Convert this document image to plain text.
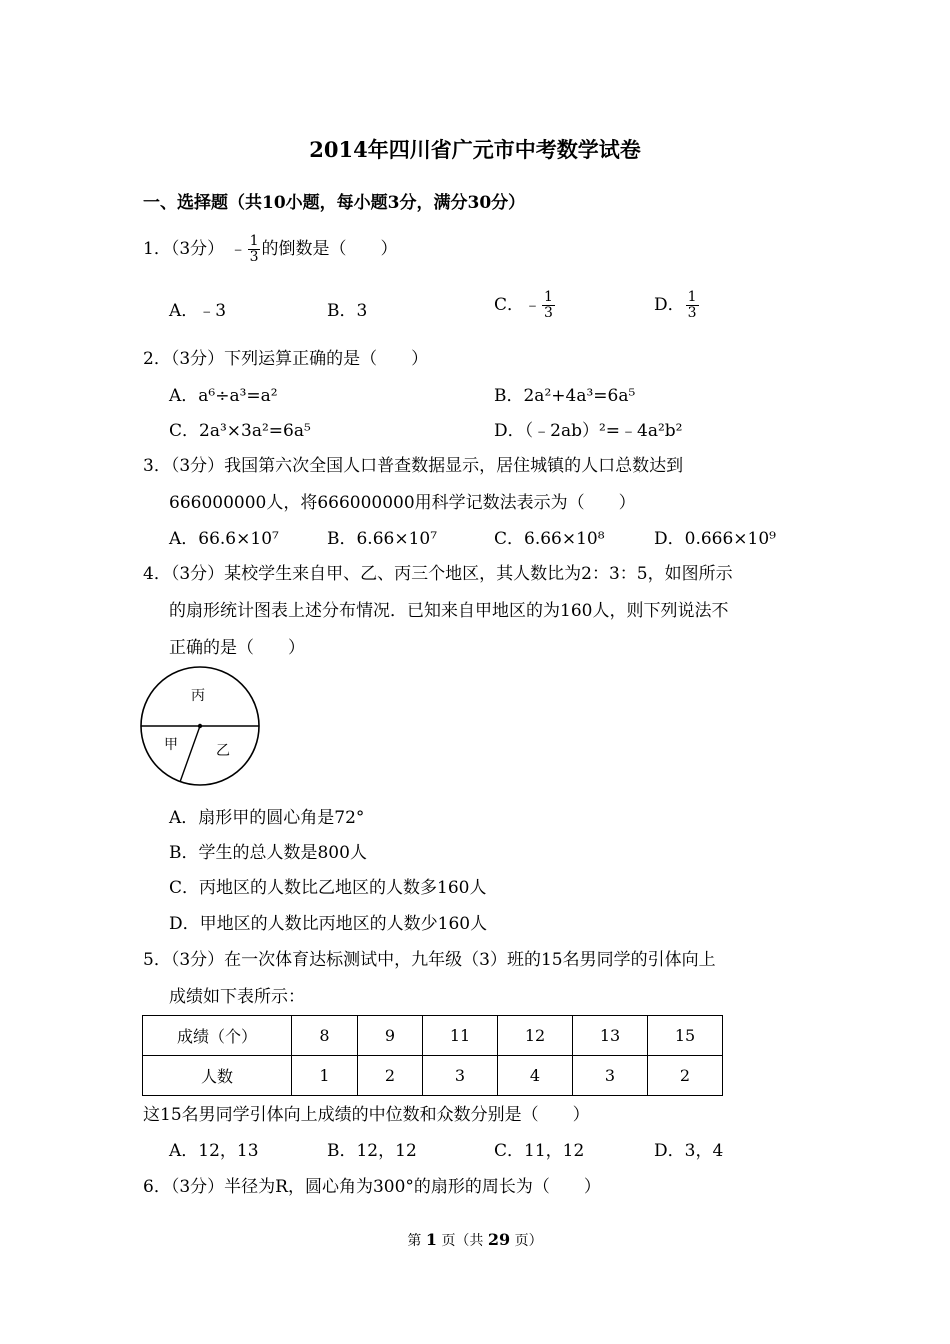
2014年四川省广元市中考数学试卷
一、选择题（共10小题，每小题3分，满分30分）
1．（3分） ﹣ $\frac{1}{3}$ 的倒数是（　　）
A．﹣3	B．3	C．﹣ $\frac{1}{3}$	D． $\frac{1}{3}$
2．（3分）下列运算正确的是（　　）
A．a⁶÷a³=a²	B．2a²+4a³=6a⁵
C．2a³×3a²=6a⁵	D．（﹣2ab）²=﹣4a²b²
3．（3分）我国第六次全国人口普查数据显示，居住城镇的人口总数达到
666000000人，将666000000用科学记数法表示为（　　）
A．66.6×10⁷	B．6.66×10⁷	C．6.66×10⁸	D．0.666×10⁹
4．（3分）某校学生来自甲、乙、丙三个地区，其人数比为2：3：5，如图所示
的扇形统计图表上述分布情况．已知来自甲地区的为160人，则下列说法不
正确的是（　　）
丙
甲	乙
A．扇形甲的圆心角是72°
B．学生的总人数是800人
C．丙地区的人数比乙地区的人数多160人
D．甲地区的人数比丙地区的人数少160人
5．（3分）在一次体育达标测试中，九年级（3）班的15名男同学的引体向上
成绩如下表所示：
成绩（个）	8	9	11	12	13	15
人数	1	2	3	4	3	2
这15名男同学引体向上成绩的中位数和众数分别是（　　）
A．12，13	B．12，12	C．11，12	D．3，4
6．（3分）半径为R，圆心角为300°的扇形的周长为（　　）
第 1 页（共 29 页）
